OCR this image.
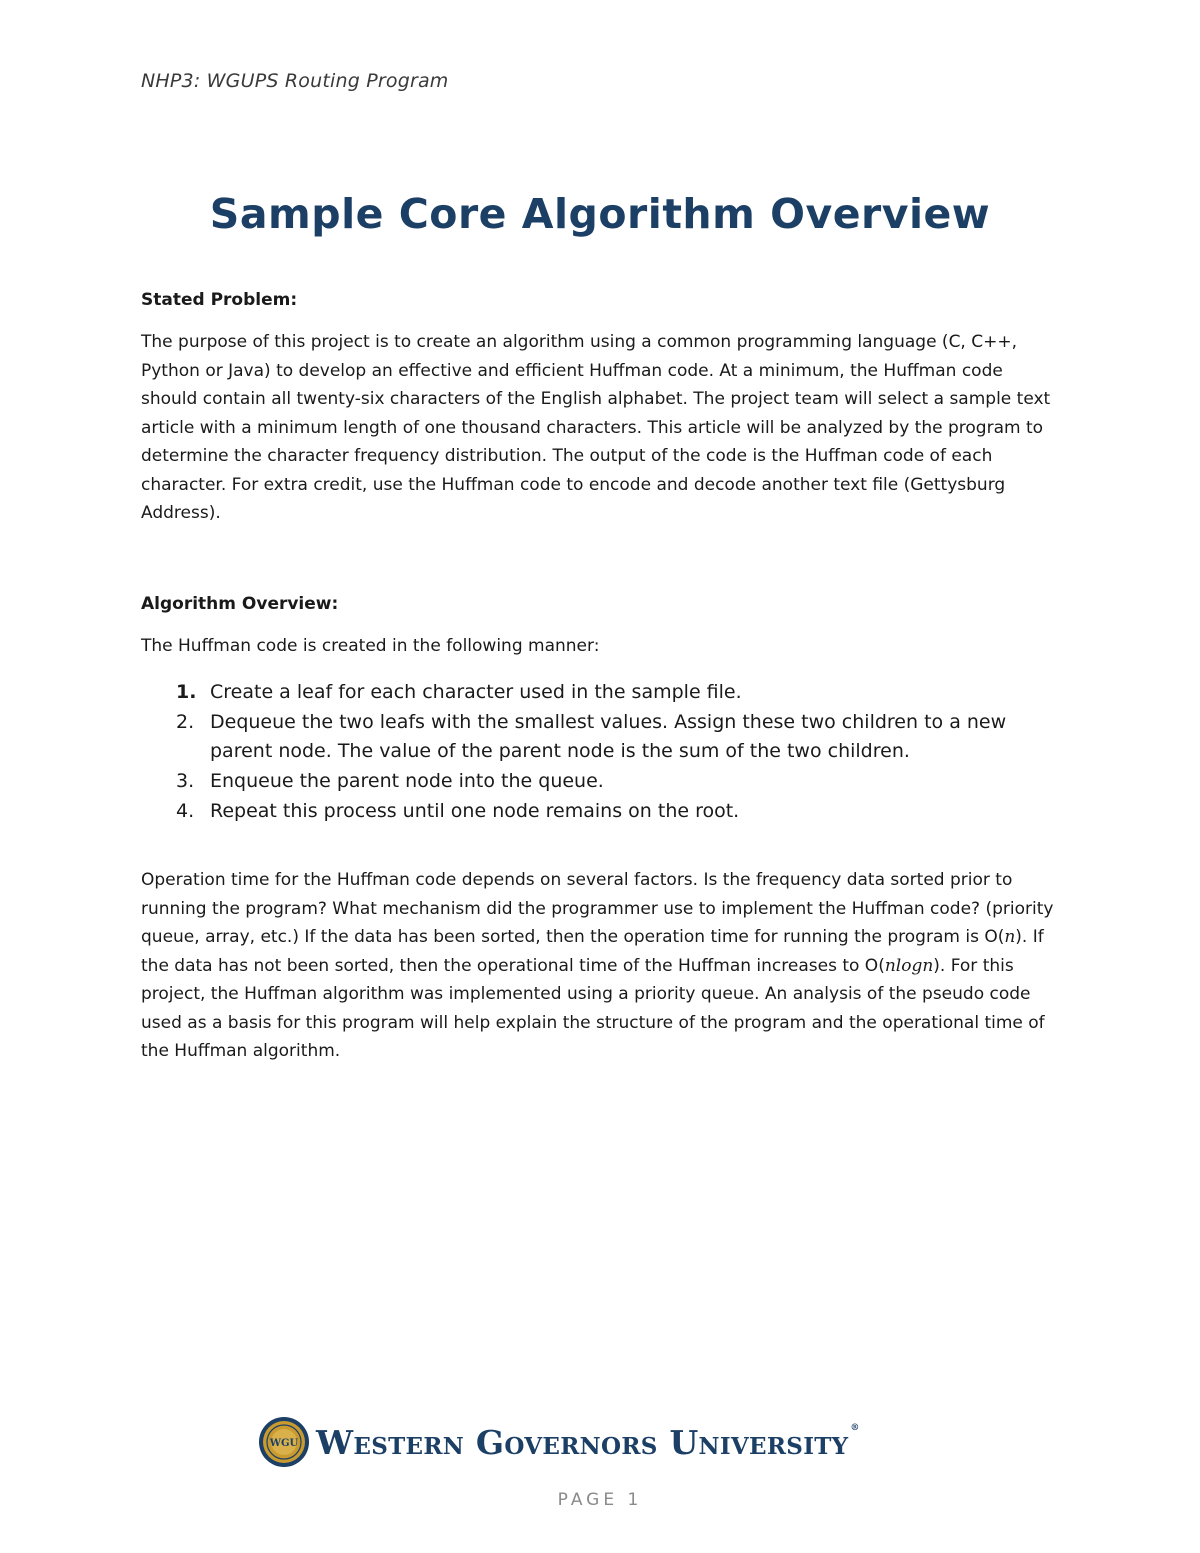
NHP3: WGUPS Routing Program
Sample Core Algorithm Overview

Stated Problem:

The purpose of this project is to create an algorithm using a common programming language (C, C++, Python or Java) to develop an effective and efficient Huffman code. At a minimum, the Huffman code should contain all twenty-six characters of the English alphabet. The project team will select a sample text article with a minimum length of one thousand characters. This article will be analyzed by the program to determine the character frequency distribution. The output of the code is the Huffman code of each character. For extra credit, use the Huffman code to encode and decode another text file (Gettysburg Address).

Algorithm Overview:

The Huffman code is created in the following manner:

1. Create a leaf for each character used in the sample file.
2. Dequeue the two leafs with the smallest values. Assign these two children to a new parent node. The value of the parent node is the sum of the two children.
3. Enqueue the parent node into the queue.
4. Repeat this process until one node remains on the root.

Operation time for the Huffman code depends on several factors. Is the frequency data sorted prior to running the program? What mechanism did the programmer use to implement the Huffman code? (priority queue, array, etc.) If the data has been sorted, then the operation time for running the program is O(n). If the data has not been sorted, then the operational time of the Huffman increases to O(nlogn). For this project, the Huffman algorithm was implemented using a priority queue. An analysis of the pseudo code used as a basis for this program will help explain the structure of the program and the operational time of the Huffman algorithm.

WGU Western Governors University ®
PAGE 1
